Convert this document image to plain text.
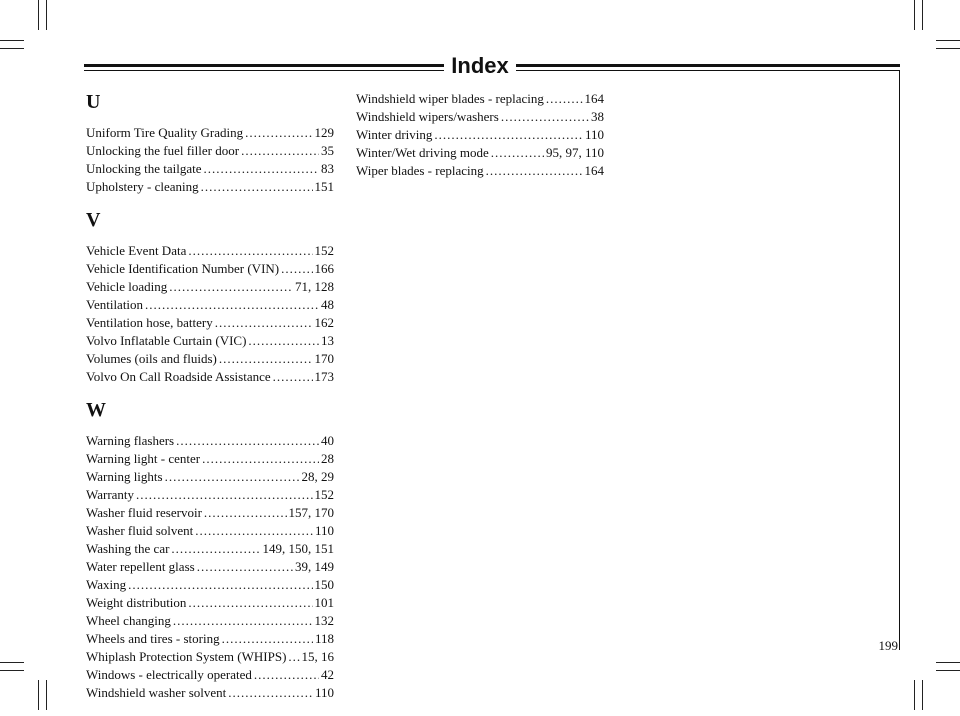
Index
U
Uniform Tire Quality Grading .....	129
Unlocking the fuel filler door .....	35
Unlocking the tailgate .....	83
Upholstery - cleaning .....	151
V
Vehicle Event Data .....	152
Vehicle Identification Number (VIN) .....	166
Vehicle loading .....	71, 128
Ventilation .....	48
Ventilation hose, battery .....	162
Volvo Inflatable Curtain (VIC) .....	13
Volumes (oils and fluids) .....	170
Volvo On Call Roadside Assistance .....	173
W
Warning flashers .....	40
Warning light - center .....	28
Warning lights .....	28, 29
Warranty .....	152
Washer fluid reservoir .....	157, 170
Washer fluid solvent .....	110
Washing the car .....	149, 150, 151
Water repellent glass .....	39, 149
Waxing .....	150
Weight distribution .....	101
Wheel changing .....	132
Wheels and tires - storing .....	118
Whiplash Protection System (WHIPS) ..... 15, 16
Windows - electrically operated .....	42
Windshield washer solvent .....	110
Windshield wiper blades - replacing .....	164
Windshield wipers/washers .....	38
Winter driving .....	110
Winter/Wet driving mode .....	95, 97, 110
Wiper blades - replacing .....	164
199
